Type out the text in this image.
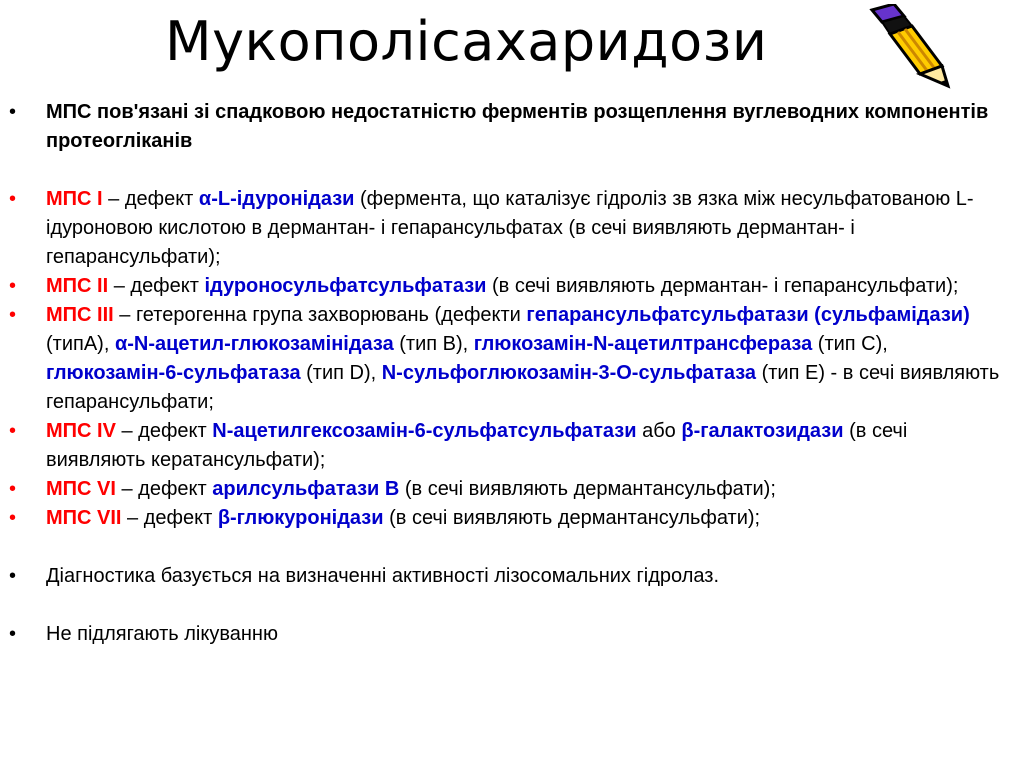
Мукополісахаридози
• МПС пов'язані зі спадковою недостатністю ферментів розщеплення вуглеводних компонентів протеогліканів
• МПС I – дефект α-L-ідуронідази (фермента, що каталізує гідроліз зв язка між несульфатованою L-ідуроновою кислотою в дермантан- і гепарансульфатах (в сечі виявляють дермантан- і гепарансульфати);
• МПС II – дефект ідуроносульфатсульфатази (в сечі виявляють дермантан- і гепарансульфати);
• МПС III – гетерогенна група захворювань (дефекти гепарансульфатсульфатази (сульфамідази) (типА), α-N-ацетил-глюкозамінідаза (тип В), глюкозамін-N-ацетилтрансфераза (тип С), глюкозамін-6-сульфатаза (тип D), N-сульфоглюкозамін-3-О-сульфатаза (тип Е) - в сечі виявляють гепарансульфати;
• МПС IV – дефект N-ацетилгексозамін-6-сульфатсульфатази або β-галактозидази (в сечі виявляють кератансульфати);
• МПС VI – дефект арилсульфатази В (в сечі виявляють дермантансульфати);
• МПС VII – дефект β-глюкуронідази (в сечі виявляють дермантансульфати);
• Діагностика базується на визначенні активності лізосомальних гідролаз.
• Не підлягають лікуванню
